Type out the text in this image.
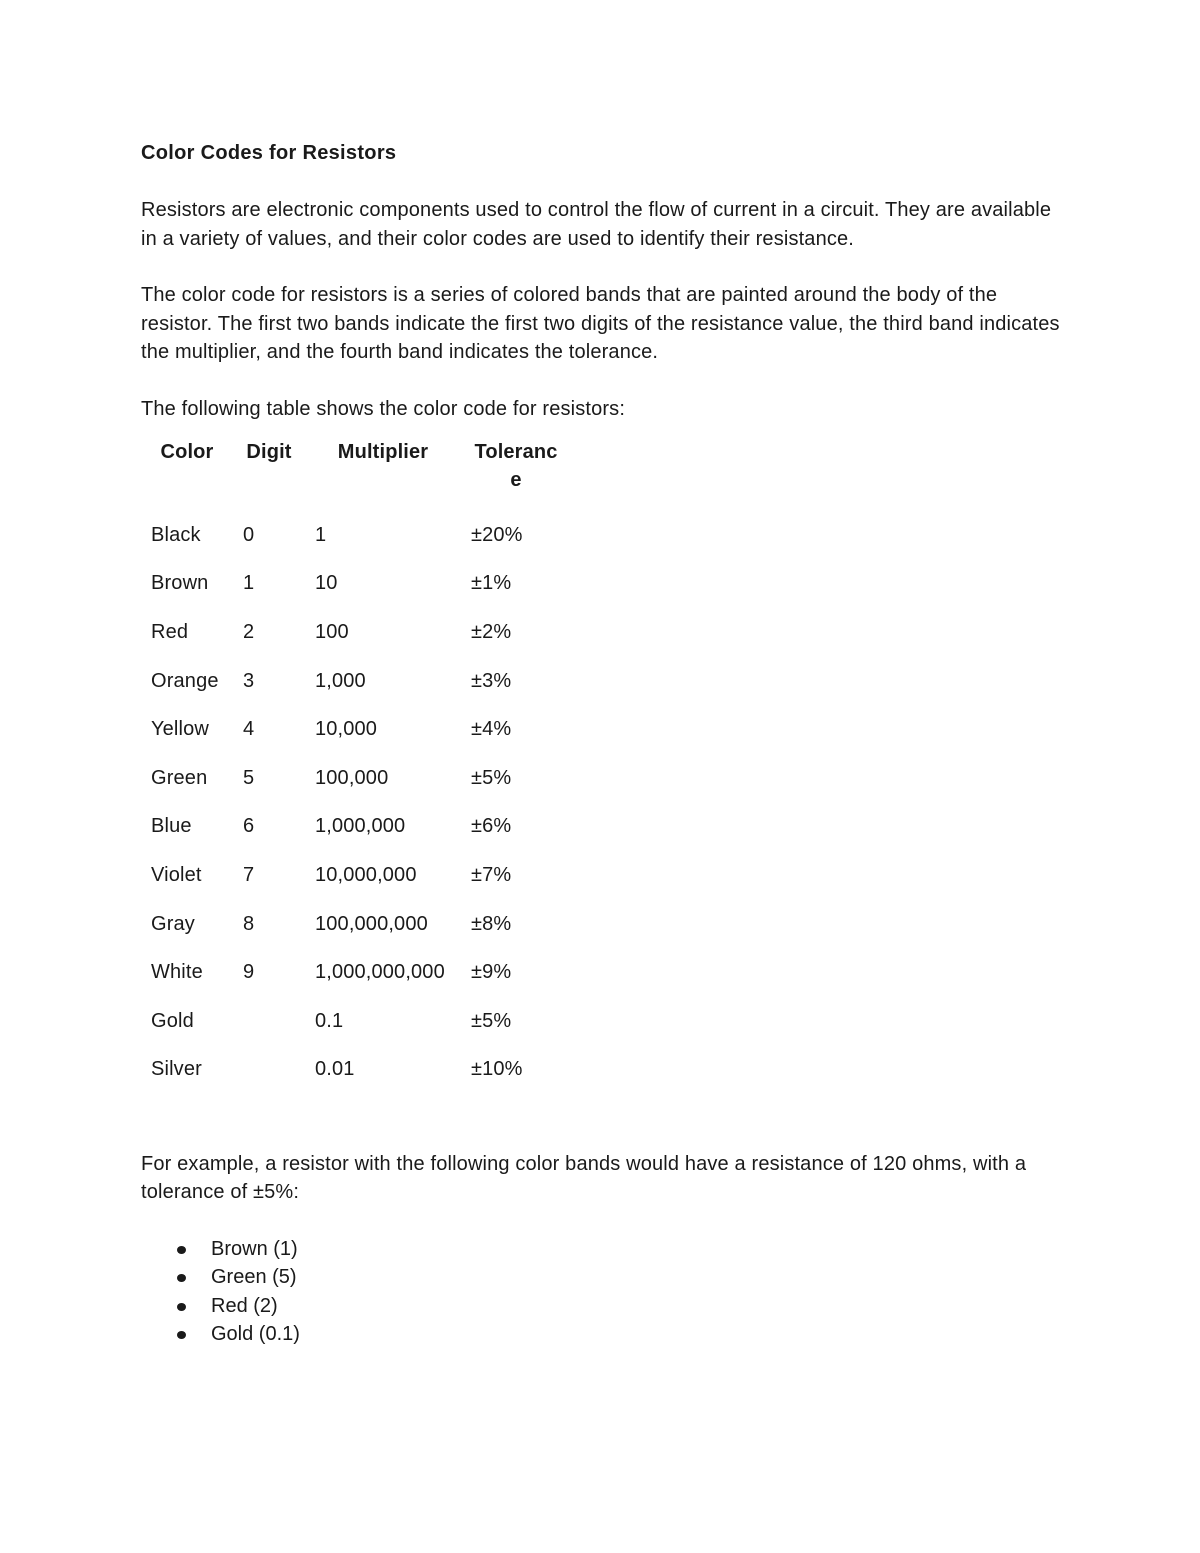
Color Codes for Resistors

Resistors are electronic components used to control the flow of current in a circuit. They are available in a variety of values, and their color codes are used to identify their resistance.

The color code for resistors is a series of colored bands that are painted around the body of the resistor. The first two bands indicate the first two digits of the resistance value, the third band indicates the multiplier, and the fourth band indicates the tolerance.

The following table shows the color code for resistors:

Color	Digit	Multiplier	Tolerance
Black	0	1	±20%
Brown	1	10	±1%
Red	2	100	±2%
Orange	3	1,000	±3%
Yellow	4	10,000	±4%
Green	5	100,000	±5%
Blue	6	1,000,000	±6%
Violet	7	10,000,000	±7%
Gray	8	100,000,000	±8%
White	9	1,000,000,000	±9%
Gold		0.1	±5%
Silver		0.01	±10%

For example, a resistor with the following color bands would have a resistance of 120 ohms, with a tolerance of ±5%:

Brown (1)
Green (5)
Red (2)
Gold (0.1)
